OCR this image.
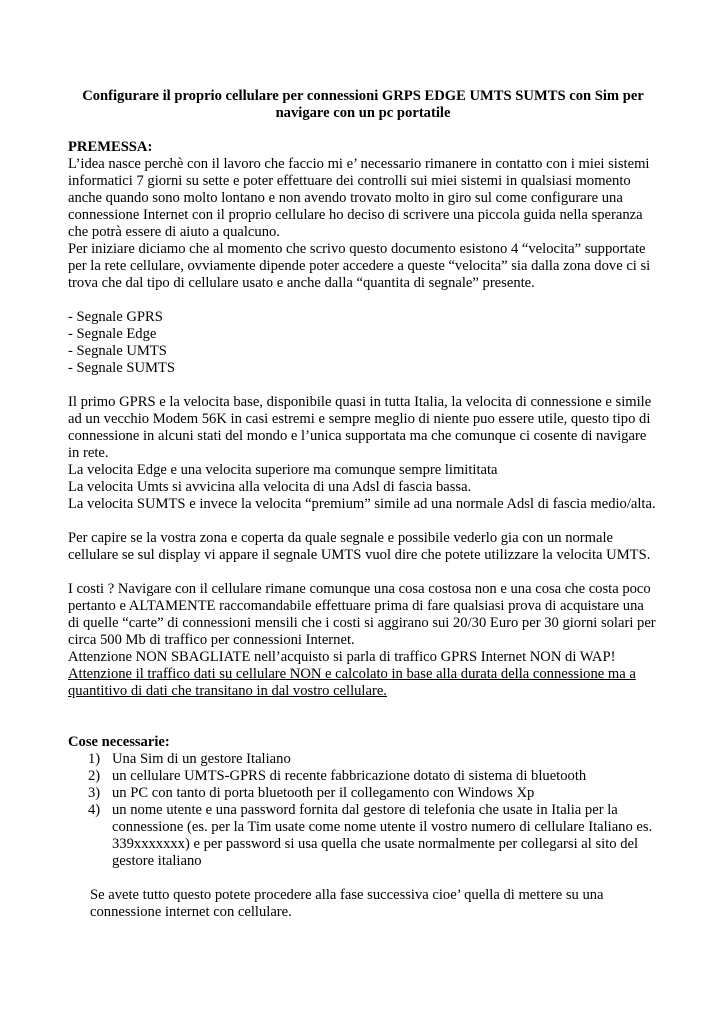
Configurare il proprio cellulare per connessioni GRPS EDGE UMTS SUMTS con Sim per navigare con un pc portatile

PREMESSA:

L’idea nasce perchè con il lavoro che faccio mi e’ necessario rimanere in contatto con i miei sistemi informatici 7 giorni su sette e poter effettuare dei controlli sui miei sistemi in qualsiasi momento anche quando sono molto lontano e non avendo trovato molto in giro sul come configurare una connessione Internet con il proprio cellulare ho deciso di scrivere una piccola guida nella speranza che potrà essere di aiuto a qualcuno.

Per iniziare diciamo che al momento che scrivo questo documento esistono 4 “velocita” supportate per la rete cellulare, ovviamente dipende poter accedere a queste “velocita” sia dalla zona dove ci si trova che dal tipo di cellulare usato e anche dalla “quantita di segnale” presente.

- Segnale GPRS
- Segnale Edge
- Segnale UMTS
- Segnale SUMTS

Il primo GPRS e la velocita base, disponibile quasi in tutta Italia, la velocita di connessione e simile ad un vecchio Modem 56K in casi estremi e sempre meglio di niente puo essere utile, questo tipo di connessione in alcuni stati del mondo e l’unica supportata ma che comunque ci cosente di navigare in rete.

La velocita Edge e una velocita superiore ma comunque sempre limititata

La velocita Umts si avvicina alla velocita di una Adsl di fascia bassa.

La velocita SUMTS e invece la velocita “premium” simile ad una normale Adsl di fascia medio/alta.

Per capire se la vostra zona e coperta da quale segnale e possibile vederlo gia con un normale cellulare se sul display vi appare il segnale UMTS vuol dire che potete utilizzare la velocita UMTS.

I costi ? Navigare con il cellulare rimane comunque una cosa costosa non e una cosa che costa poco pertanto e ALTAMENTE raccomandabile effettuare prima di fare qualsiasi prova di acquistare una di quelle “carte” di connessioni mensili che i costi si aggirano sui 20/30 Euro per 30 giorni solari per circa 500 Mb di traffico per connessioni Internet.

Attenzione NON SBAGLIATE nell’acquisto si parla di traffico GPRS Internet NON di WAP!

Attenzione il traffico dati su cellulare NON e calcolato in base alla durata della connessione ma a quantitivo di dati che transitano in dal vostro cellulare.

Cose necessarie:

1) Una Sim di un gestore Italiano
2) un cellulare UMTS-GPRS di recente fabbricazione dotato di sistema di bluetooth
3) un PC con tanto di porta bluetooth per il collegamento con Windows Xp
4) un nome utente e una password fornita dal gestore di telefonia che usate in Italia per la connessione (es. per la Tim usate come nome utente il vostro numero di cellulare Italiano es. 339xxxxxxx) e per password si usa quella che usate normalmente per collegarsi al sito del gestore italiano

Se avete tutto questo potete procedere alla fase successiva cioe’ quella di mettere su una connessione internet con cellulare.
